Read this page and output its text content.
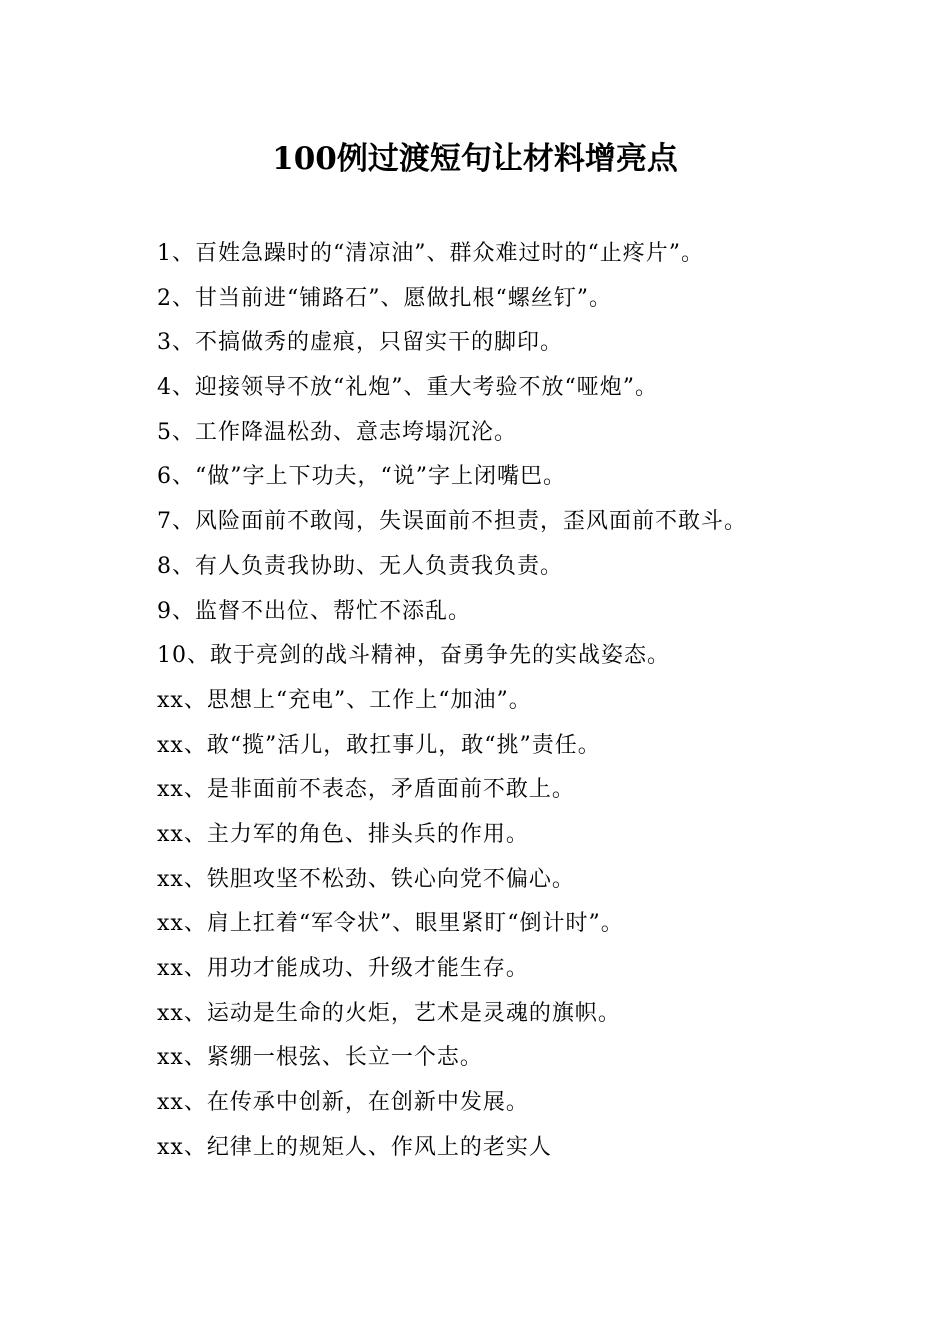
100例过渡短句让材料增亮点
1、百姓急躁时的“清凉油”、群众难过时的“止疼片”。
2、甘当前进“铺路石”、愿做扎根“螺丝钉”。
3、不搞做秀的虚痕，只留实干的脚印。
4、迎接领导不放“礼炮”、重大考验不放“哑炮”。
5、工作降温松劲、意志垮塌沉沦。
6、“做”字上下功夫，“说”字上闭嘴巴。
7、风险面前不敢闯，失误面前不担责，歪风面前不敢斗。
8、有人负责我协助、无人负责我负责。
9、监督不出位、帮忙不添乱。
10、敢于亮剑的战斗精神，奋勇争先的实战姿态。
xx、思想上“充电”、工作上“加油”。
xx、敢“揽”活儿，敢扛事儿，敢“挑”责任。
xx、是非面前不表态，矛盾面前不敢上。
xx、主力军的角色、排头兵的作用。
xx、铁胆攻坚不松劲、铁心向党不偏心。
xx、肩上扛着“军令状”、眼里紧盯“倒计时”。
xx、用功才能成功、升级才能生存。
xx、运动是生命的火炬，艺术是灵魂的旗帜。
xx、紧绷一根弦、长立一个志。
xx、在传承中创新，在创新中发展。
xx、纪律上的规矩人、作风上的老实人
